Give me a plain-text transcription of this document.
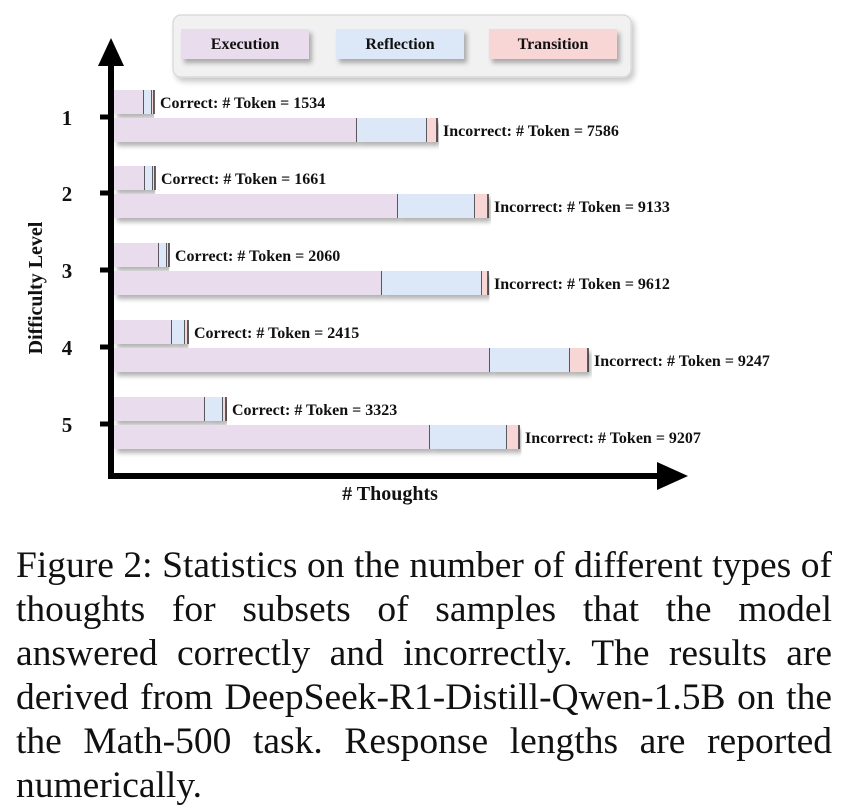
Execution	Reflection	Transition
Difficulty Level
# Thoughts
1
2
3
4
5
Correct: # Token = 1534
Incorrect: # Token = 7586
Correct: # Token = 1661
Incorrect: # Token = 9133
Correct: # Token = 2060
Incorrect: # Token = 9612
Correct: # Token = 2415
Incorrect: # Token = 9247
Correct: # Token = 3323
Incorrect: # Token = 9207

Figure 2: Statistics on the number of different types of thoughts for subsets of samples that the model answered correctly and incorrectly. The results are derived from DeepSeek-R1-Distill-Qwen-1.5B on the the Math-500 task. Response lengths are reported numerically.
